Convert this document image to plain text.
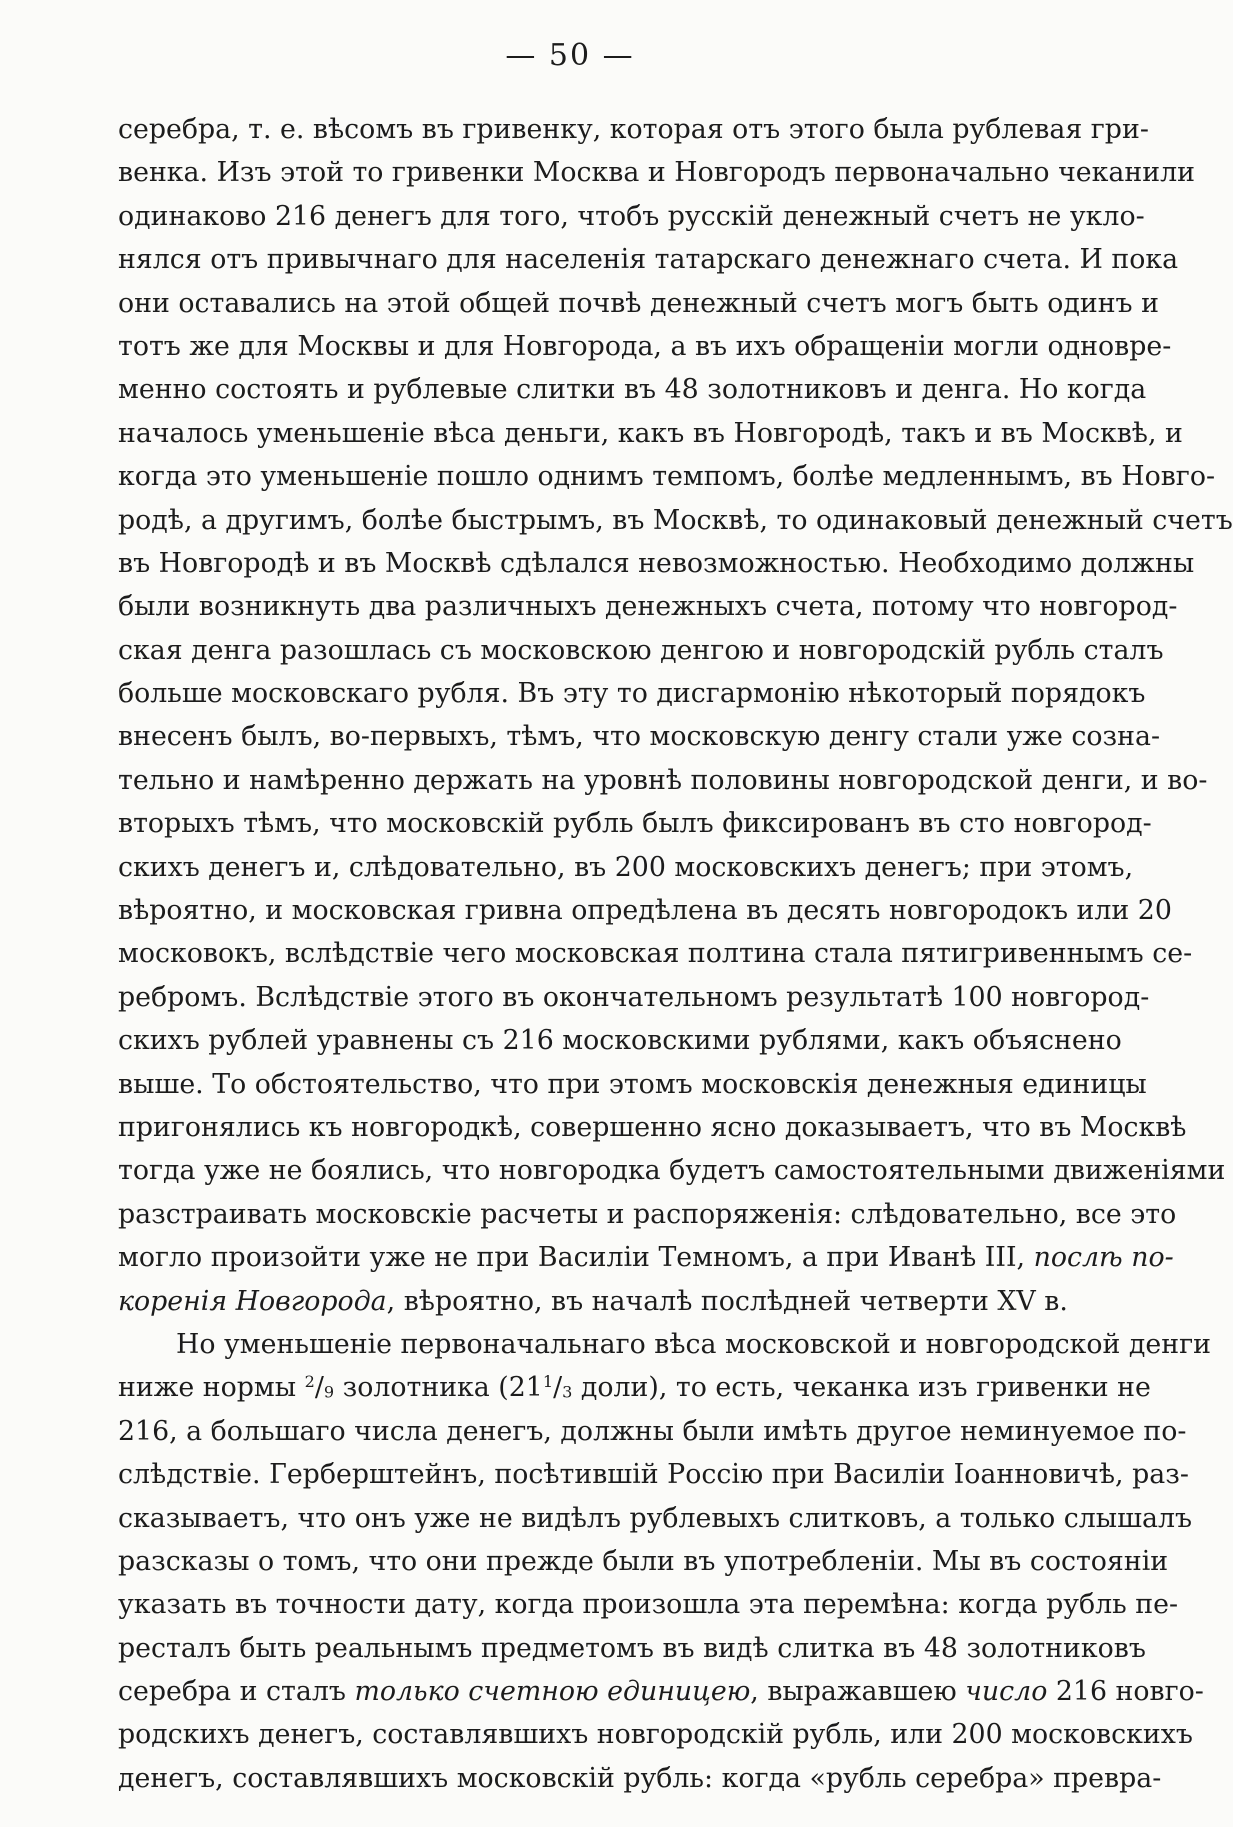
— 50 —
серебра, т. е. вѣсомъ въ гривенку, которая отъ этого была рублевая гри-
венка. Изъ этой то гривенки Москва и Новгородъ первоначально чеканили
одинаково 216 денегъ для того, чтобъ русскій денежный счетъ не укло-
нялся отъ привычнаго для населенія татарскаго денежнаго счета. И пока
они оставались на этой общей почвѣ денежный счетъ могъ быть одинъ и
тотъ же для Москвы и для Новгорода, а въ ихъ обращеніи могли одновре-
менно состоять и рублевые слитки въ 48 золотниковъ и денга. Но когда
началось уменьшеніе вѣса деньги, какъ въ Новгородѣ, такъ и въ Москвѣ, и
когда это уменьшеніе пошло однимъ темпомъ, болѣе медленнымъ, въ Новго-
родѣ, а другимъ, болѣе быстрымъ, въ Москвѣ, то одинаковый денежный счетъ
въ Новгородѣ и въ Москвѣ сдѣлался невозможностью. Необходимо должны
были возникнуть два различныхъ денежныхъ счета, потому что новгород-
ская денга разошлась съ московскою денгою и новгородскій рубль сталъ
больше московскаго рубля. Въ эту то дисгармонію нѣкоторый порядокъ
внесенъ былъ, во-первыхъ, тѣмъ, что московскую денгу стали уже созна-
тельно и намѣренно держать на уровнѣ половины новгородской денги, и во-
вторыхъ тѣмъ, что московскій рубль былъ фиксированъ въ сто новгород-
скихъ денегъ и, слѣдовательно, въ 200 московскихъ денегъ; при этомъ,
вѣроятно, и московская гривна опредѣлена въ десять новгородокъ или 20
московокъ, вслѣдствіе чего московская полтина стала пятигривеннымъ се-
ребромъ. Вслѣдствіе этого въ окончательномъ результатѣ 100 новгород-
скихъ рублей уравнены съ 216 московскими рублями, какъ объяснено
выше. То обстоятельство, что при этомъ московскія денежныя единицы
пригонялись къ новгородкѣ, совершенно ясно доказываетъ, что въ Москвѣ
тогда уже не боялись, что новгородка будетъ самостоятельными движеніями
разстраивать московскіе расчеты и распоряженія: слѣдовательно, все это
могло произойти уже не при Василіи Темномъ, а при Иванѣ III, послѣ по-
коренія Новгорода, вѣроятно, въ началѣ послѣдней четверти XV в.
Но уменьшеніе первоначальнаго вѣса московской и новгородской денги
ниже нормы $^2/_9$ золотника ($21^1/_3$ доли), то есть, чеканка изъ гривенки не
216, а большаго числа денегъ, должны были имѣть другое неминуемое по-
слѣдствіе. Герберштейнъ, посѣтившій Россію при Василіи Іоанновичѣ, раз-
сказываетъ, что онъ уже не видѣлъ рублевыхъ слитковъ, а только слышалъ
разсказы о томъ, что они прежде были въ употребленіи. Мы въ состояніи
указать въ точности дату, когда произошла эта перемѣна: когда рубль пе-
ресталъ быть реальнымъ предметомъ въ видѣ слитка въ 48 золотниковъ
серебра и сталъ только счетною единицею, выражавшею число 216 новго-
родскихъ денегъ, составлявшихъ новгородскій рубль, или 200 московскихъ
денегъ, составлявшихъ московскій рубль: когда «рубль серебра» превра-
